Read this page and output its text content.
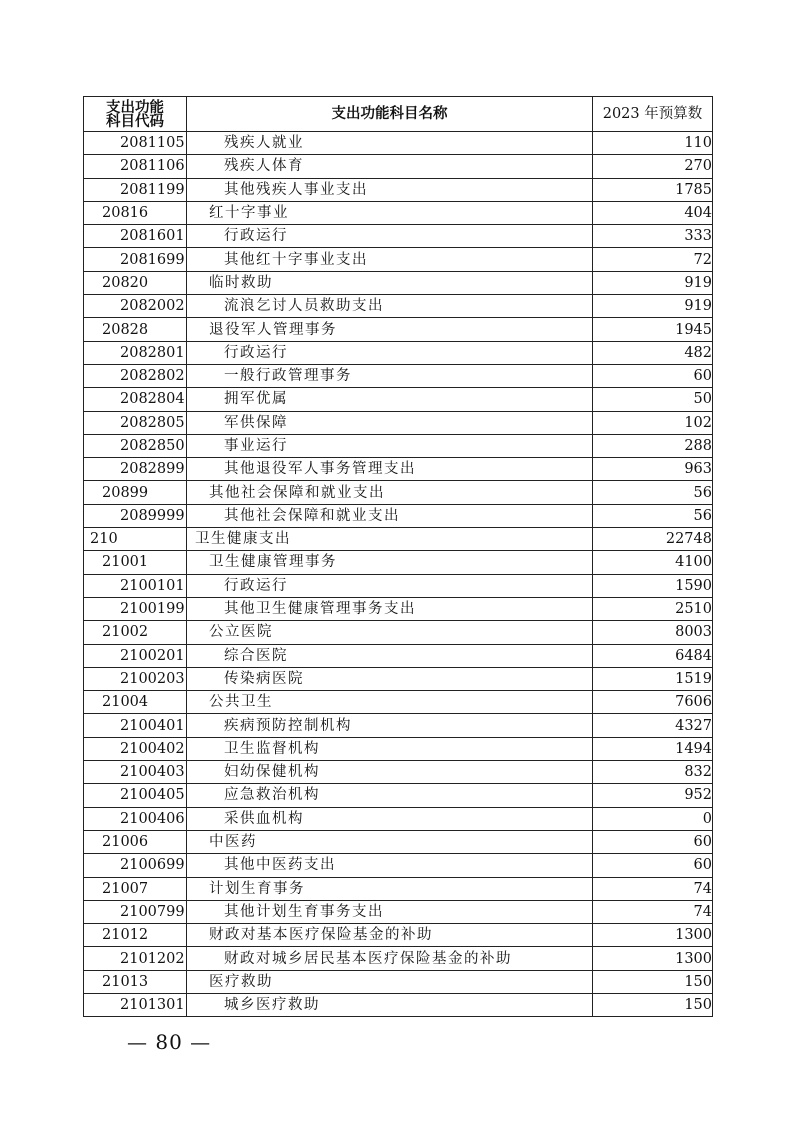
支出功能
科目代码	支出功能科目名称	2023 年预算数
2081105	残疾人就业	110
2081106	残疾人体育	270
2081199	其他残疾人事业支出	1785
20816	红十字事业	404
2081601	行政运行	333
2081699	其他红十字事业支出	72
20820	临时救助	919
2082002	流浪乞讨人员救助支出	919
20828	退役军人管理事务	1945
2082801	行政运行	482
2082802	一般行政管理事务	60
2082804	拥军优属	50
2082805	军供保障	102
2082850	事业运行	288
2082899	其他退役军人事务管理支出	963
20899	其他社会保障和就业支出	56
2089999	其他社会保障和就业支出	56
210	卫生健康支出	22748
21001	卫生健康管理事务	4100
2100101	行政运行	1590
2100199	其他卫生健康管理事务支出	2510
21002	公立医院	8003
2100201	综合医院	6484
2100203	传染病医院	1519
21004	公共卫生	7606
2100401	疾病预防控制机构	4327
2100402	卫生监督机构	1494
2100403	妇幼保健机构	832
2100405	应急救治机构	952
2100406	采供血机构	0
21006	中医药	60
2100699	其他中医药支出	60
21007	计划生育事务	74
2100799	其他计划生育事务支出	74
21012	财政对基本医疗保险基金的补助	1300
2101202	财政对城乡居民基本医疗保险基金的补助	1300
21013	医疗救助	150
2101301	城乡医疗救助	150
— 80 —
